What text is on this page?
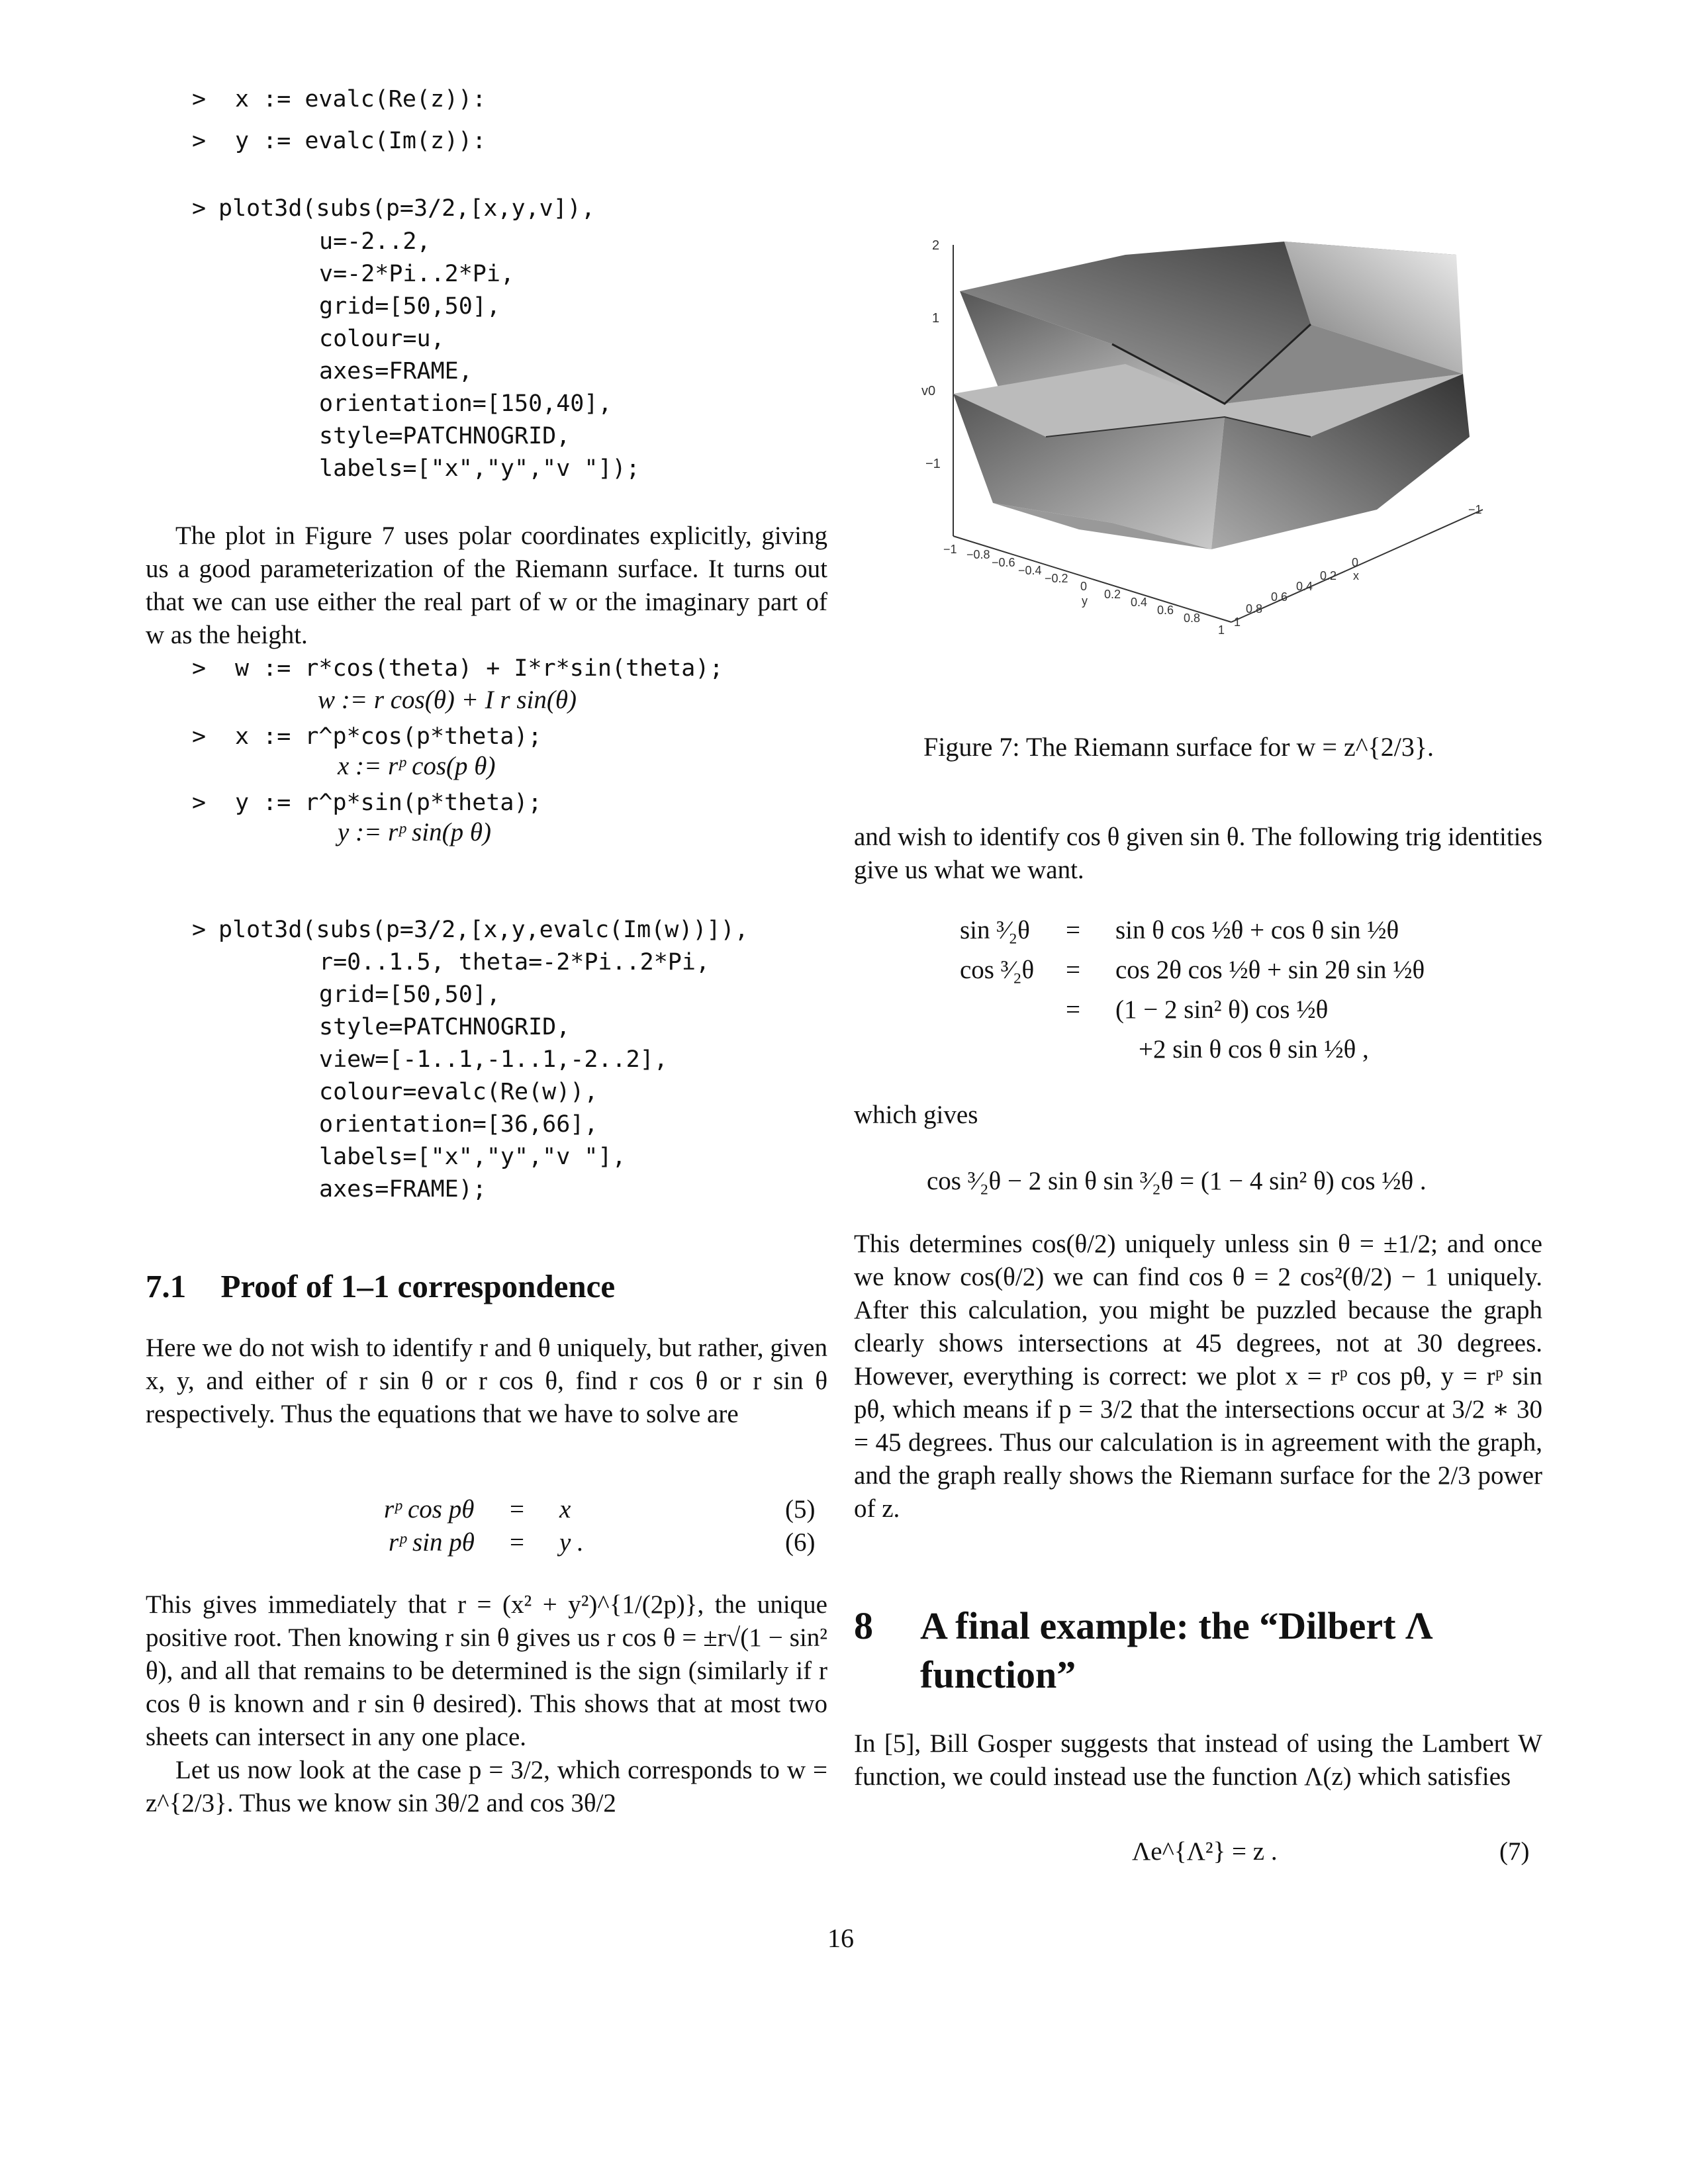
> x := evalc(Re(z)):
> y := evalc(Im(z)):
> plot3d(subs(p=3/2,[x,y,v]),
u=-2..2,
v=-2*Pi..2*Pi,
grid=[50,50],
colour=u,
axes=FRAME,
orientation=[150,40],
style=PATCHNOGRID,
labels=["x","y","v "]);
The plot in Figure 7 uses polar coordinates explicitly, giving us a good parameterization of the Riemann surface. It turns out that we can use either the real part of w or the imaginary part of w as the height.
> w := r*cos(theta) + I*r*sin(theta);
w := r cos(θ) + I r sin(θ)
> x := r^p*cos(p*theta);
x := rᵖ cos(p θ)
> y := r^p*sin(p*theta);
y := rᵖ sin(p θ)
> plot3d(subs(p=3/2,[x,y,evalc(Im(w))]),
r=0..1.5, theta=-2*Pi..2*Pi,
grid=[50,50],
style=PATCHNOGRID,
view=[-1..1,-1..1,-2..2],
colour=evalc(Re(w)),
orientation=[36,66],
labels=["x","y","v "],
axes=FRAME);
7.1 Proof of 1–1 correspondence
Here we do not wish to identify r and θ uniquely, but rather, given x, y, and either of r sin θ or r cos θ, find r cos θ or r sin θ respectively. Thus the equations that we have to solve are
rᵖ cos pθ = x	(5)
rᵖ sin pθ = y .	(6)
This gives immediately that r = (x² + y²)^{1/(2p)}, the unique positive root. Then knowing r sin θ gives us r cos θ = ±r√(1 − sin² θ), and all that remains to be determined is the sign (similarly if r cos θ is known and r sin θ desired). This shows that at most two sheets can intersect in any one place.
Let us now look at the case p = 3/2, which corresponds to w = z^{2/3}. Thus we know sin 3θ/2 and cos 3θ/2
2
1
v0
−1
−1 −0.8
−0.6
−0.4
−0.2
0
0.2
0.4
0.6
0.8
1
y
1
0.8
0.6
0.4
0.2
0
−1
x
Figure 7: The Riemann surface for w = z^{2/3}.
and wish to identify cos θ given sin θ. The following trig identities give us what we want.
sin ³⁄₂θ = sin θ cos ½θ + cos θ sin ½θ
cos ³⁄₂θ = cos 2θ cos ½θ + sin 2θ sin ½θ
= (1 − 2 sin² θ) cos ½θ
+2 sin θ cos θ sin ½θ ,
which gives
cos ³⁄₂θ − 2 sin θ sin ³⁄₂θ = (1 − 4 sin² θ) cos ½θ .
This determines cos(θ/2) uniquely unless sin θ = ±1/2; and once we know cos(θ/2) we can find cos θ = 2 cos²(θ/2) − 1 uniquely. After this calculation, you might be puzzled because the graph clearly shows intersections at 45 degrees, not at 30 degrees. However, everything is correct: we plot x = rᵖ cos pθ, y = rᵖ sin pθ, which means if p = 3/2 that the intersections occur at 3/2 ∗ 30 = 45 degrees. Thus our calculation is in agreement with the graph, and the graph really shows the Riemann surface for the 2/3 power of z.
8 A final example: the “Dilbert Λ
function”
In [5], Bill Gosper suggests that instead of using the Lambert W function, we could instead use the function Λ(z) which satisfies
Λe^{Λ²} = z .	(7)
16
